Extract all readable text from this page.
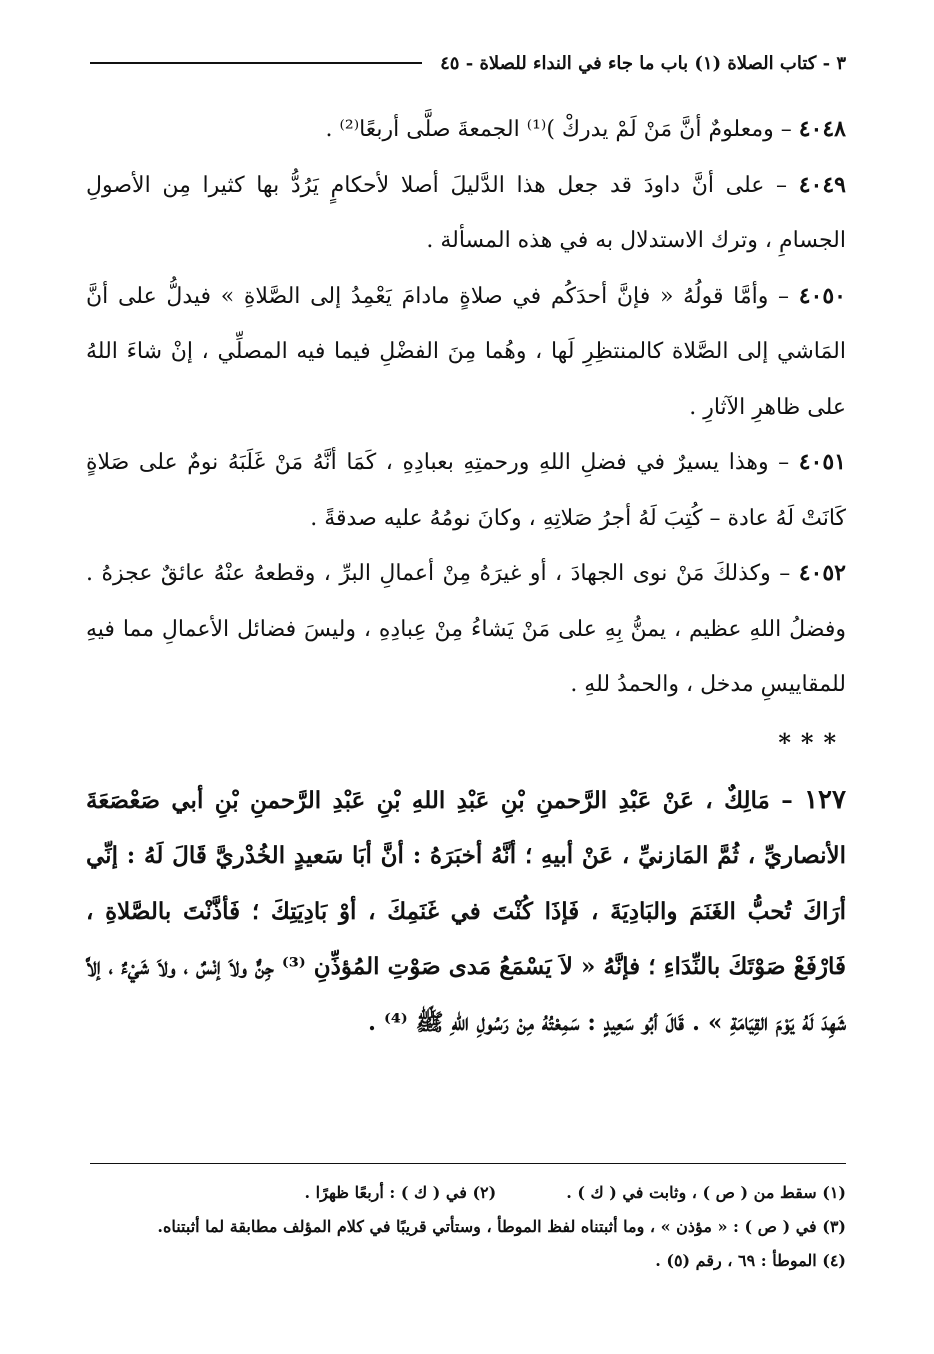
٣ - كتاب الصلاة (١) باب ما جاء في النداء للصلاة - ٤٥

٤٠٤٨ – ومعلومٌ أنَّ مَنْ لَمْ يدركْ )⁽¹⁾ الجمعةَ صلَّى أربعًا⁽²⁾ .

٤٠٤٩ – على أنَّ داودَ قد جعل هذا الدَّليلَ أصلا لأحكامٍ يَرُدُّ بها كثيرا مِن الأصولِ الجسامِ ، وترك الاستدلال به في هذه المسألة .

٤٠٥٠ – وأمَّا قولُهُ « فإنَّ أحدَكُم في صلاةٍ مادامَ يَعْمِدُ إلى الصَّلاةِ » فيدلُّ على أنَّ المَاشي إلى الصَّلاة كالمنتظِرِ لَها ، وهُما مِنَ الفضْلِ فيما فيه المصلِّي ، إنْ شاءَ اللهُ على ظاهرِ الآثارِ .

٤٠٥١ – وهذا يسيرٌ في فضلِ اللهِ ورحمتِهِ بعبادِهِ ، كَمَا أنَّهُ مَنْ غَلَبَهُ نومٌ على صَلاةٍ كَانَتْ لَهُ عادة – كُتِبَ لَهُ أجرُ صَلاتِهِ ، وكانَ نومُهُ عليه صدقةً .

٤٠٥٢ – وكذلكَ مَنْ نوى الجهادَ ، أو غيرَهُ مِنْ أعمالِ البرِّ ، وقطعهُ عنْهُ عائقٌ عجزهُ . وفضلُ اللهِ عظيم ، يمنُّ بِهِ على مَنْ يَشاءُ مِنْ عِبادِهِ ، وليسَ فضائل الأعمالِ مما فيهِ للمقاييسِ مدخل ، والحمدُ للهِ .

***

١٢٧ – مَالِكٌ ، عَنْ عَبْدِ الرَّحمنِ بْنِ عَبْدِ اللهِ بْنِ عَبْدِ الرَّحمنِ بْنِ أبي صَعْصَعَةَ الأنصاريِّ ، ثُمَّ المَازنيِّ ، عَنْ أبيهِ ؛ أنَّهُ أخبَرَهُ : أنَّ أبَا سَعيدٍ الخُدْريَّ قَالَ لَهُ : إنِّي أرَاكَ تُحبُّ الغَنَمَ والبَادِيَةَ ، فَإذَا كُنْتَ في غَنَمِكَ ، أوْ بَادِيَتِكَ ؛ فَأذَّنْتَ بالصَّلاةِ ، فَارْفَعْ صَوْتَكَ بالنِّدَاءِ ؛ فإنَّهُ « لاَ يَسْمَعُ مَدى صَوْتِ المُؤذِّنِ ⁽³⁾ جِنٌّ ولاَ إنْسٌ ، ولاَ شَيْءٌ ، إلاَّ شَهِدَ لَهُ يَوْمَ القِيَامَةِ » . قَالَ أبُو سَعِيدٍ : سَمِعْتُهُ مِنْ رَسُولِ اللهِ ﷺ ⁽⁴⁾ .

(١) سقط من ( ص ) ، وثابت في ( ك ) .
(٢) في ( ك ) : أربعًا ظهرًا .
(٣) في ( ص ) : « مؤذن » ، وما أثبتناه لفظ الموطأ ، وستأتي قريبًا في كلام المؤلف مطابقة لما أثبتناه.
(٤) الموطأ : ٦٩ ، رقم (٥) .
